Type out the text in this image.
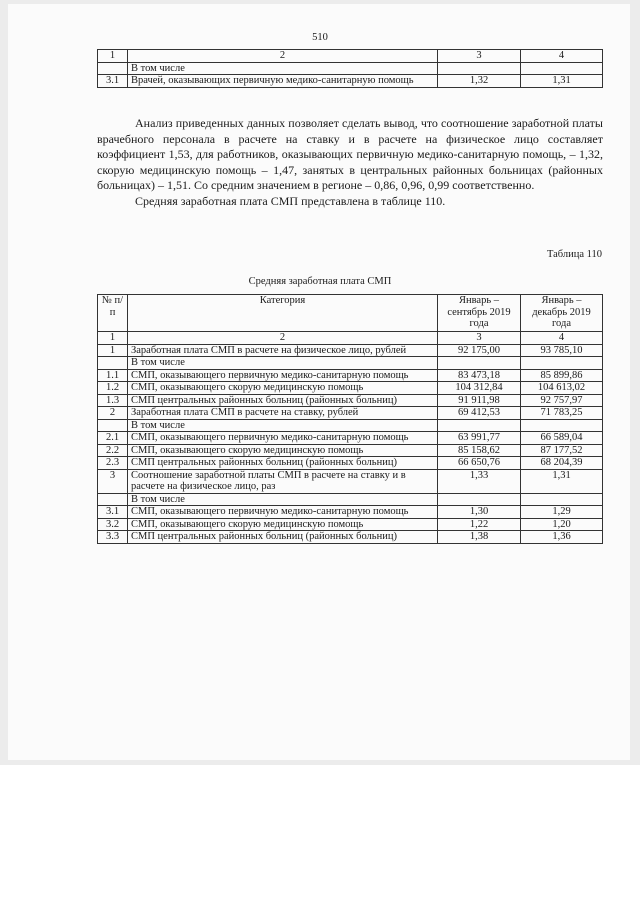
510
1	2	3	4
	В том числе		
3.1	Врачей, оказывающих первичную медико-санитарную помощь	1,32	1,31

Анализ приведенных данных позволяет сделать вывод, что соотношение заработной платы врачебного персонала в расчете на ставку и в расчете на физическое лицо составляет коэффициент 1,53, для работников, оказывающих первичную медико-санитарную помощь, – 1,32, скорую медицинскую помощь – 1,47, занятых в центральных районных больницах (районных больницах) – 1,51. Со средним значением в регионе – 0,86, 0,96, 0,99 соответственно.

Средняя заработная плата СМП представлена в таблице 110.

Таблица 110
Средняя заработная плата СМП
№ п/п	Категория	Январь – сентябрь 2019 года	Январь – декабрь 2019 года
1	2	3	4
1	Заработная плата СМП в расчете на физическое лицо, рублей	92 175,00	93 785,10
	В том числе		
1.1	СМП, оказывающего первичную медико-санитарную помощь	83 473,18	85 899,86
1.2	СМП, оказывающего скорую медицинскую помощь	104 312,84	104 613,02
1.3	СМП центральных районных больниц (районных больниц)	91 911,98	92 757,97
2	Заработная плата СМП в расчете на ставку, рублей	69 412,53	71 783,25
	В том числе		
2.1	СМП, оказывающего первичную медико-санитарную помощь	63 991,77	66 589,04
2.2	СМП, оказывающего скорую медицинскую помощь	85 158,62	87 177,52
2.3	СМП центральных районных больниц (районных больниц)	66 650,76	68 204,39
3	Соотношение заработной платы СМП в расчете на ставку и в расчете на физическое лицо, раз	1,33	1,31
	В том числе		
3.1	СМП, оказывающего первичную медико-санитарную помощь	1,30	1,29
3.2	СМП, оказывающего скорую медицинскую помощь	1,22	1,20
3.3	СМП центральных районных больниц (районных больниц)	1,38	1,36
